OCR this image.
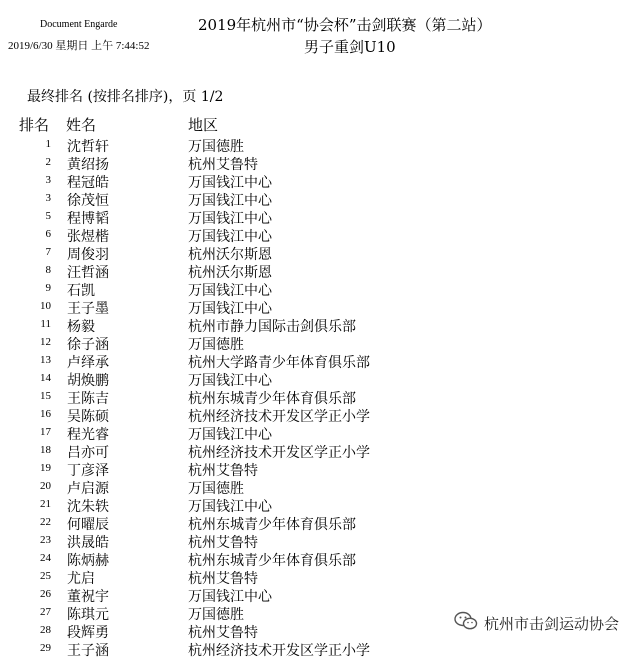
Document Engarde
2019/6/30 星期日 上午 7:44:52
2019年杭州市“协会杯”击剑联赛（第二站）
男子重剑U10
最终排名 (按排名排序)，页 1/2
排名 姓名	地区
1 沈哲轩	万国德胜
2 黄绍扬	杭州艾鲁特
3 程冠皓	万国钱江中心
3 徐茂恒	万国钱江中心
5 程博韬	万国钱江中心
6 张煜楷	万国钱江中心
7 周俊羽	杭州沃尔斯恩
8 汪哲涵	杭州沃尔斯恩
9 石凯	万国钱江中心
10 王子墨	万国钱江中心
11 杨毅	杭州市静力国际击剑俱乐部
12 徐子涵	万国德胜
13 卢绎承	杭州大学路青少年体育俱乐部
14 胡焕鹏	万国钱江中心
15 王陈吉	杭州东城青少年体育俱乐部
16 吴陈硕	杭州经济技术开发区学正小学
17 程光睿	万国钱江中心
18 吕亦可	杭州经济技术开发区学正小学
19 丁彦泽	杭州艾鲁特
20 卢启源	万国德胜
21 沈朱轶	万国钱江中心
22 何曜辰	杭州东城青少年体育俱乐部
23 洪晟皓	杭州艾鲁特
24 陈炳赫	杭州东城青少年体育俱乐部
25 尤启	杭州艾鲁特
26 董祝宇	万国钱江中心
27 陈琪元	万国德胜
28 段辉勇	杭州艾鲁特
29 王子涵	杭州经济技术开发区学正小学
杭州市击剑运动协会
